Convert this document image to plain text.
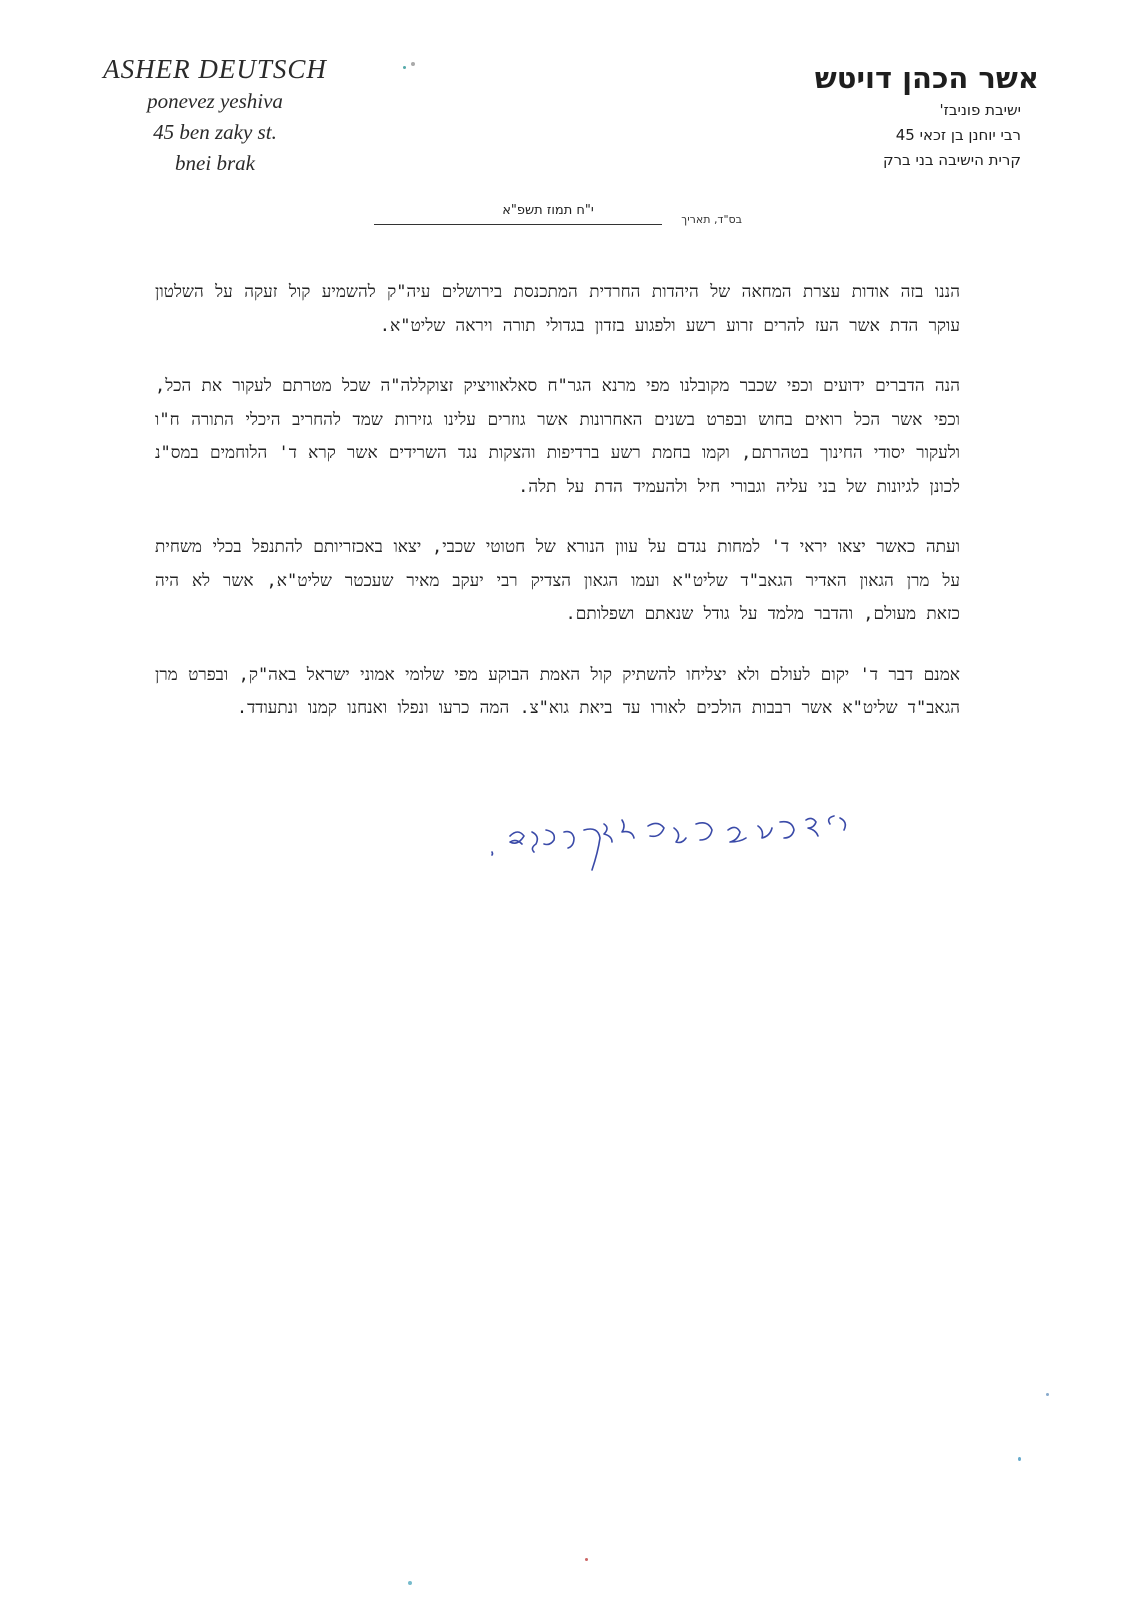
ASHER DEUTSCH
ponevez yeshiva
45 ben zaky st.
bnei brak
אשר הכהן דויטש
ישיבת פוניבז'
רבי יוחנן בן זכאי 45
קרית הישיבה בני ברק
בס"ד, תאריך
י"ח תמוז תשפ"א

הננו בזה אודות עצרת המחאה של היהדות החרדית המתכנסת בירושלים עיה"ק להשמיע קול זעקה על השלטון עוקר הדת אשר העז להרים זרוע רשע ולפגוע בזדון בגדולי תורה ויראה שליט"א.

הנה הדברים ידועים וכפי שכבר מקובלנו מפי מרנא הגר"ח סאלאוויציק זצוקללה"ה שכל מטרתם לעקור את הכל, וכפי אשר הכל רואים בחוש ובפרט בשנים האחרונות אשר גוזרים עלינו גזירות שמד להחריב היכלי התורה ח"ו ולעקור יסודי החינוך בטהרתם, וקמו בחמת רשע ברדיפות והצקות נגד השרידים אשר קרא ד' הלוחמים במס"נ לכונן לגיונות של בני עליה וגבורי חיל ולהעמיד הדת על תלה.

ועתה כאשר יצאו יראי ד' למחות נגדם על עוון הנורא של חטוטי שכבי, יצאו באכזריותם להתנפל בכלי משחית על מרן הגאון האדיר הגאב"ד שליט"א ועמו הגאון הצדיק רבי יעקב מאיר שעכטר שליט"א, אשר לא היה כזאת מעולם, והדבר מלמד על גודל שנאתם ושפלותם.

אמנם דבר ד' יקום לעולם ולא יצליחו להשתיק קול האמת הבוקע מפי שלומי אמוני ישראל באה"ק, ובפרט מרן הגאב"ד שליט"א אשר רבבות הולכים לאורו עד ביאת גוא"צ. המה כרעו ונפלו ואנחנו קמנו ונתעודד.
